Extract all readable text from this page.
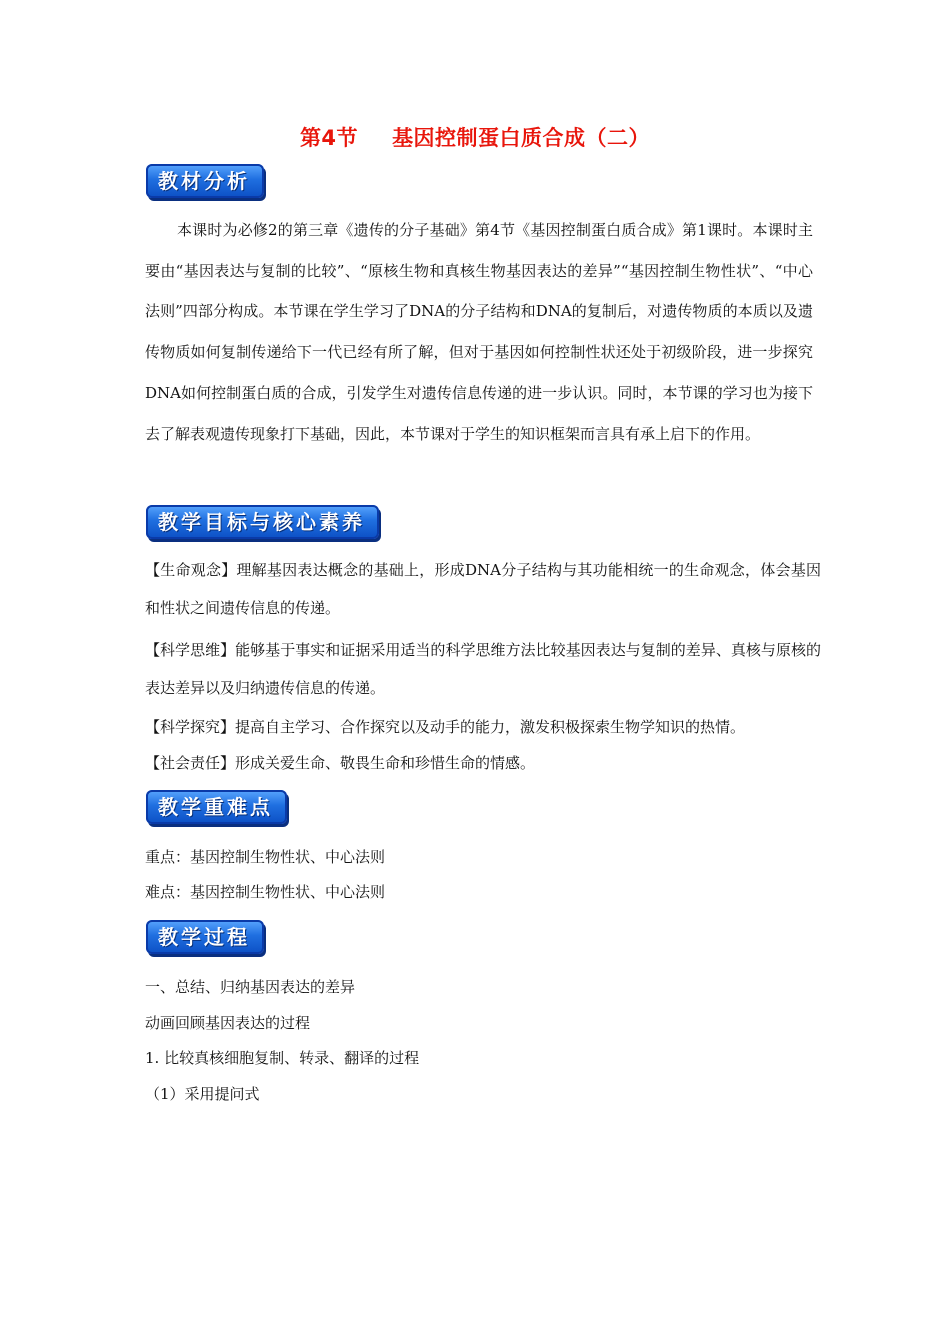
第4节 基因控制蛋白质合成（二）
教材分析

本课时为必修2的第三章《遗传的分子基础》第4节《基因控制蛋白质合成》第1课时。本课时主要由“基因表达与复制的比较”、“原核生物和真核生物基因表达的差异”“基因控制生物性状”、“中心法则”四部分构成。本节课在学生学习了DNA的分子结构和DNA的复制后，对遗传物质的本质以及遗传物质如何复制传递给下一代已经有所了解，但对于基因如何控制性状还处于初级阶段，进一步探究DNA如何控制蛋白质的合成，引发学生对遗传信息传递的进一步认识。同时，本节课的学习也为接下去了解表观遗传现象打下基础，因此，本节课对于学生的知识框架而言具有承上启下的作用。

教学目标与核心素养

【生命观念】理解基因表达概念的基础上，形成DNA分子结构与其功能相统一的生命观念，体会基因和性状之间遗传信息的传递。

【科学思维】能够基于事实和证据采用适当的科学思维方法比较基因表达与复制的差异、真核与原核的表达差异以及归纳遗传信息的传递。

【科学探究】提高自主学习、合作探究以及动手的能力，激发积极探索生物学知识的热情。

【社会责任】形成关爱生命、敬畏生命和珍惜生命的情感。

教学重难点

重点：基因控制生物性状、中心法则

难点：基因控制生物性状、中心法则

教学过程

一、总结、归纳基因表达的差异

动画回顾基因表达的过程

1. 比较真核细胞复制、转录、翻译的过程

（1）采用提问式
